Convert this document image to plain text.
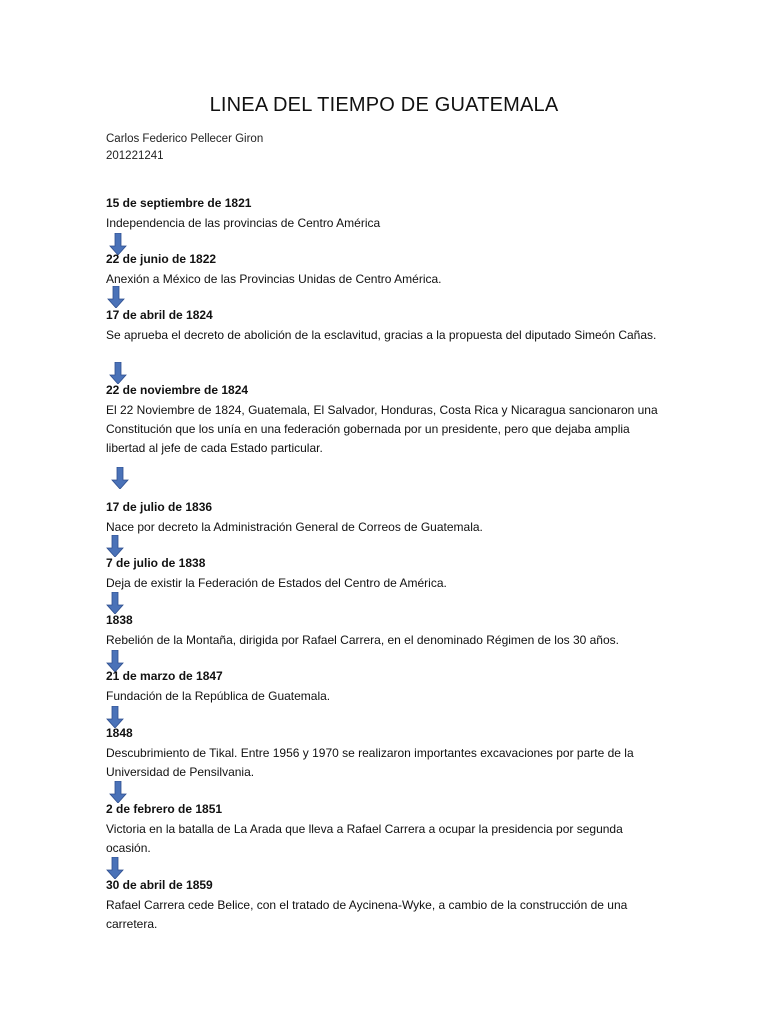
LINEA DEL TIEMPO DE GUATEMALA
Carlos Federico Pellecer Giron
201221241
15 de septiembre de 1821
Independencia de las provincias de Centro América
22 de junio de 1822
Anexión a México de las Provincias Unidas de Centro América.
17 de abril de 1824
Se aprueba el decreto de abolición de la esclavitud, gracias a la propuesta del diputado Simeón Cañas.
22 de noviembre de 1824
El 22 Noviembre de 1824, Guatemala, El Salvador, Honduras, Costa Rica y Nicaragua sancionaron una Constitución que los unía en una federación gobernada por un presidente, pero que dejaba amplia libertad al jefe de cada Estado particular.
17 de julio de 1836
Nace por decreto la Administración General de Correos de Guatemala.
7 de julio de 1838
Deja de existir la Federación de Estados del Centro de América.
1838
Rebelión de la Montaña, dirigida por Rafael Carrera, en el denominado Régimen de los 30 años.
21 de marzo de 1847
Fundación de la República de Guatemala.
1848
Descubrimiento de Tikal. Entre 1956 y 1970 se realizaron importantes excavaciones por parte de la Universidad de Pensilvania.
2 de febrero de 1851
Victoria en la batalla de La Arada que lleva a Rafael Carrera a ocupar la presidencia por segunda ocasión.
30 de abril de 1859
Rafael Carrera cede Belice, con el tratado de Aycinena-Wyke, a cambio de la construcción de una carretera.
